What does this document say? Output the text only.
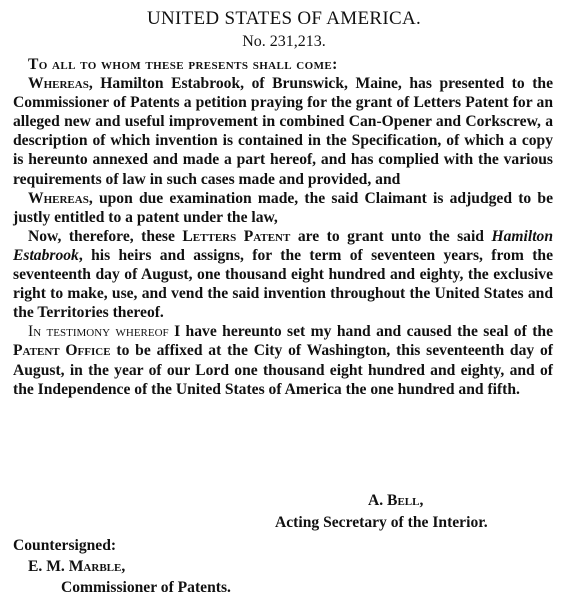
UNITED STATES OF AMERICA.
No. 231,213.

To all to whom these presents shall come:

Whereas, Hamilton Estabrook, of Brunswick, Maine, has presented to the Commissioner of Patents a petition praying for the grant of Letters Patent for an alleged new and useful improvement in combined Can-Opener and Corkscrew, a description of which invention is contained in the Specification, of which a copy is hereunto annexed and made a part hereof, and has complied with the various requirements of law in such cases made and provided, and

Whereas, upon due examination made, the said Claimant is adjudged to be justly entitled to a patent under the law,

Now, therefore, these Letters Patent are to grant unto the said Hamilton Estabrook, his heirs and assigns, for the term of seventeen years, from the seventeenth day of August, one thousand eight hundred and eighty, the exclusive right to make, use, and vend the said invention throughout the United States and the Territories thereof.

In testimony whereof I have hereunto set my hand and caused the seal of the Patent Office to be affixed at the City of Washington, this seventeenth day of August, in the year of our Lord one thousand eight hundred and eighty, and of the Independence of the United States of America the one hundred and fifth.

A. Bell,
Acting Secretary of the Interior.
Countersigned:
E. M. Marble,
Commissioner of Patents.
